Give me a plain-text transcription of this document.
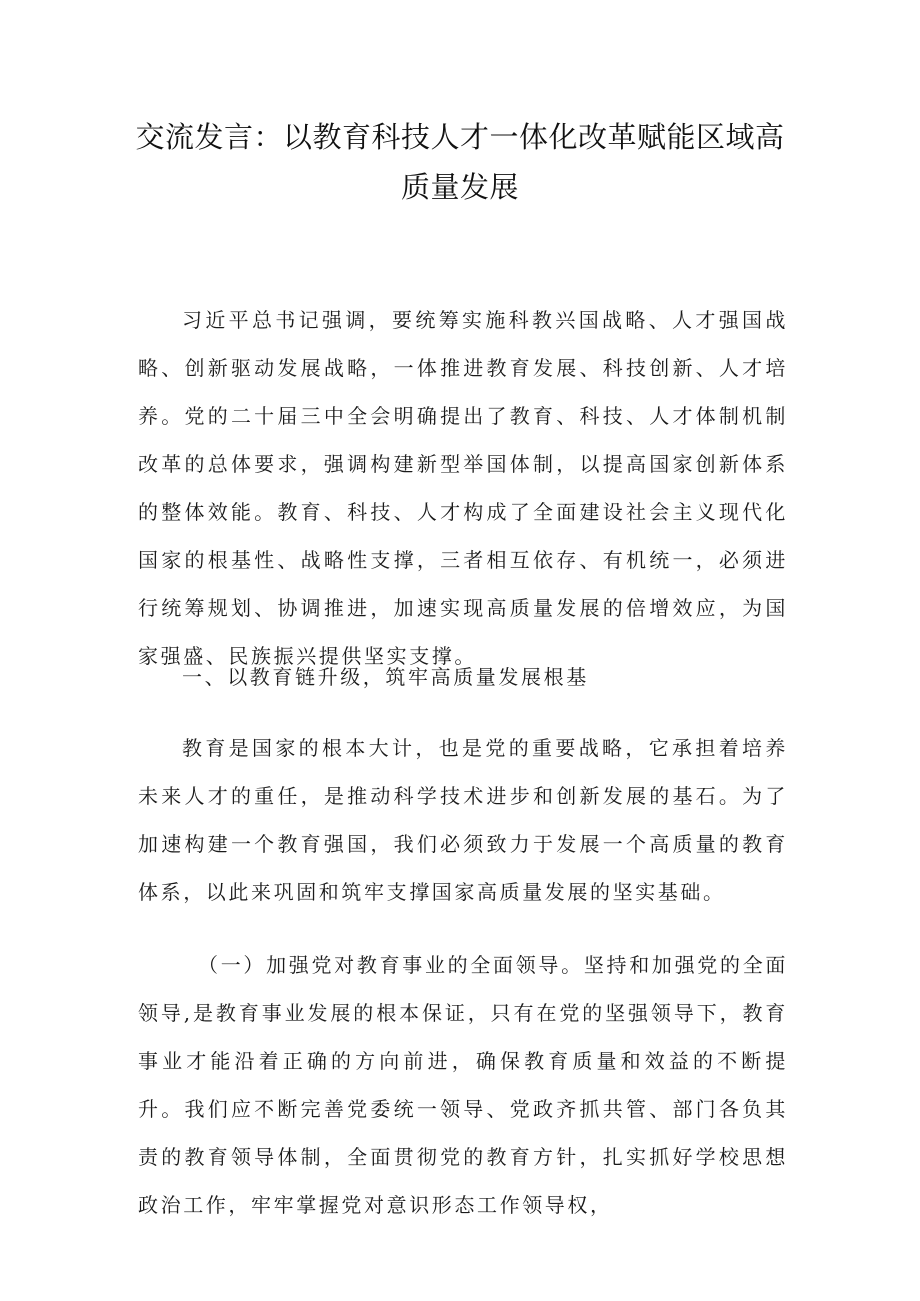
交流发言：以教育科技人才一体化改革赋能区域高质量发展

习近平总书记强调，要统筹实施科教兴国战略、人才强国战略、创新驱动发展战略，一体推进教育发展、科技创新、人才培养。党的二十届三中全会明确提出了教育、科技、人才体制机制改革的总体要求，强调构建新型举国体制，以提高国家创新体系的整体效能。教育、科技、人才构成了全面建设社会主义现代化国家的根基性、战略性支撑，三者相互依存、有机统一，必须进行统筹规划、协调推进，加速实现高质量发展的倍增效应，为国家强盛、民族振兴提供坚实支撑。

一、以教育链升级，筑牢高质量发展根基

教育是国家的根本大计，也是党的重要战略，它承担着培养未来人才的重任，是推动科学技术进步和创新发展的基石。为了加速构建一个教育强国，我们必须致力于发展一个高质量的教育体系，以此来巩固和筑牢支撑国家高质量发展的坚实基础。

（一）加强党对教育事业的全面领导。坚持和加强党的全面领导,是教育事业发展的根本保证，只有在党的坚强领导下，教育事业才能沿着正确的方向前进，确保教育质量和效益的不断提升。我们应不断完善党委统一领导、党政齐抓共管、部门各负其责的教育领导体制，全面贯彻党的教育方针，扎实抓好学校思想政治工作，牢牢掌握党对意识形态工作领导权，
